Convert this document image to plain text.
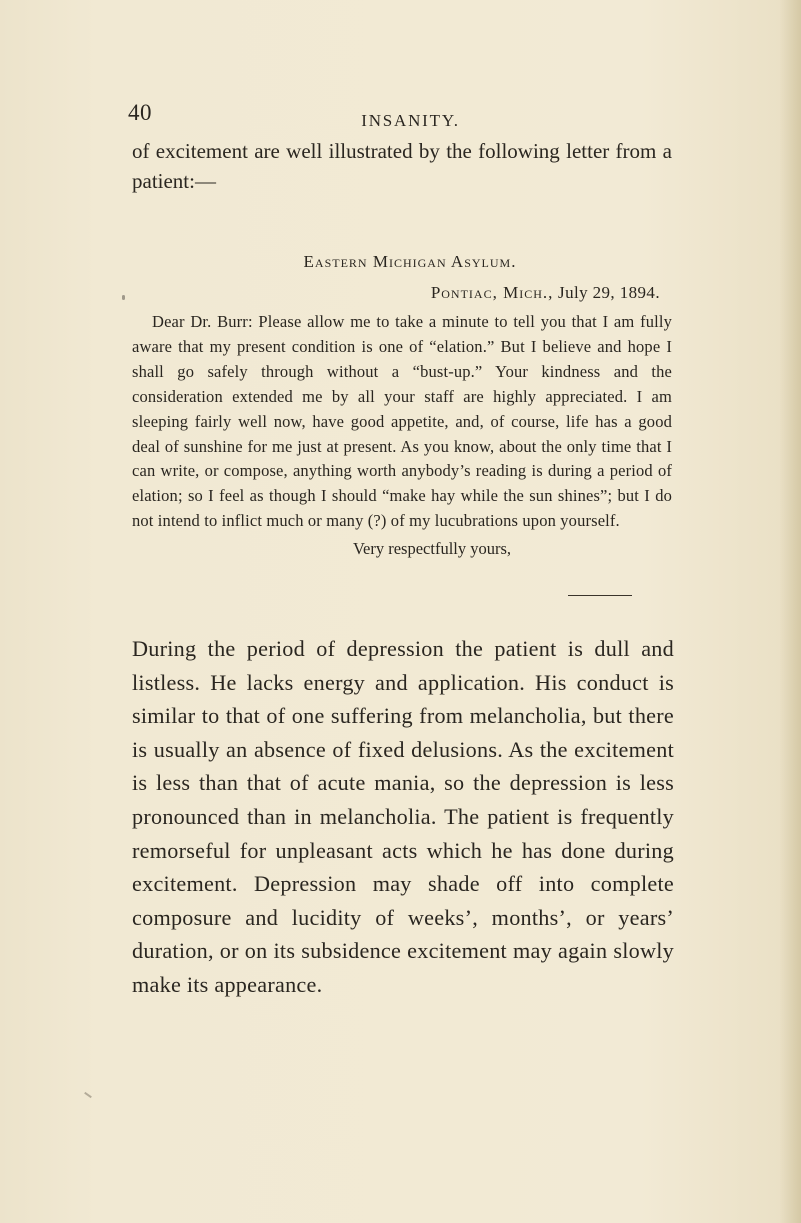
40	INSANITY.
of excitement are well illustrated by the following letter from a patient:—

Eastern Michigan Asylum.

Pontiac, Mich., July 29, 1894.

Dear Dr. Burr: Please allow me to take a minute to tell you that I am fully aware that my present condition is one of “elation.” But I believe and hope I shall go safely through without a “bust-up.” Your kindness and the consideration extended me by all your staff are highly appreciated. I am sleeping fairly well now, have good appetite, and, of course, life has a good deal of sunshine for me just at present. As you know, about the only time that I can write, or compose, anything worth anybody’s reading is during a period of elation; so I feel as though I should “make hay while the sun shines”; but I do not intend to inflict much or many (?) of my lucubrations upon yourself.

Very respectfully yours,

During the period of depression the patient is dull and listless. He lacks energy and application. His conduct is similar to that of one suffering from melancholia, but there is usually an absence of fixed delusions. As the excitement is less than that of acute mania, so the depression is less pronounced than in melancholia. The patient is frequently remorseful for unpleasant acts which he has done during excitement. Depression may shade off into complete composure and lucidity of weeks’, months’, or years’ duration, or on its subsidence excitement may again slowly make its appearance.
